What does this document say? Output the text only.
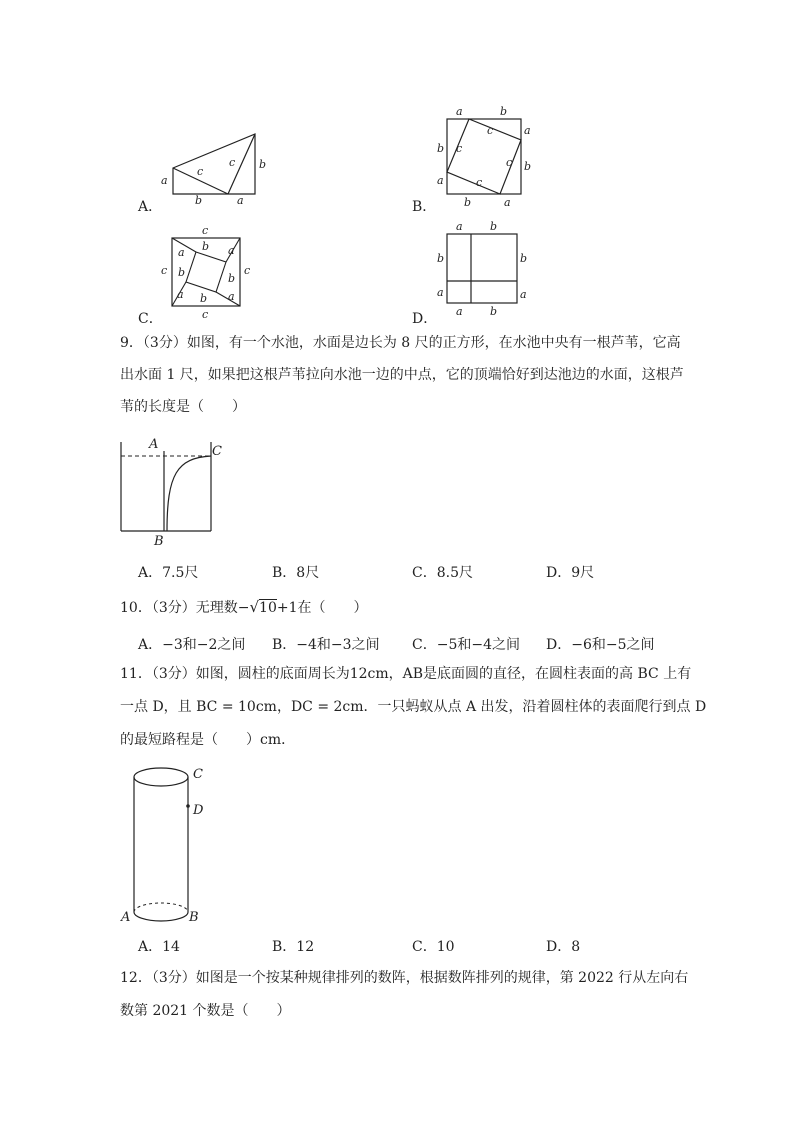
a
c
c b
b	a
A．
a	b
a
b
b
a
b	a
c
c
c
c
B．
c
c
c	c
a b a
b	b
a b a
C．
a b
b	b
a	a
a b
D．
9．（3分）如图，有一个水池，水面是边长为 8 尺的正方形，在水池中央有一根芦苇，它高
出水面 1 尺，如果把这根芦苇拉向水池一边的中点，它的顶端恰好到达池边的水面，这根芦
苇的长度是（　　）
A	C
B
A．7.5尺	B．8尺	C．8.5尺	D．9尺
10．（3分）无理数−√10+1在（　　）
A．−3和−2之间 B．−4和−3之间 C．−5和−4之间 D．−6和−5之间
11．（3分）如图，圆柱的底面周长为12cm，AB是底面圆的直径，在圆柱表面的高 BC 上有
一点 D，且 BC = 10cm，DC = 2cm．一只蚂蚁从点 A 出发，沿着圆柱体的表面爬行到点 D
的最短路程是（　　）cm．
C
D
A	B
A．14	B．12	C．10	D．8
12．（3分）如图是一个按某种规律排列的数阵，根据数阵排列的规律，第 2022 行从左向右
数第 2021 个数是（　　）
